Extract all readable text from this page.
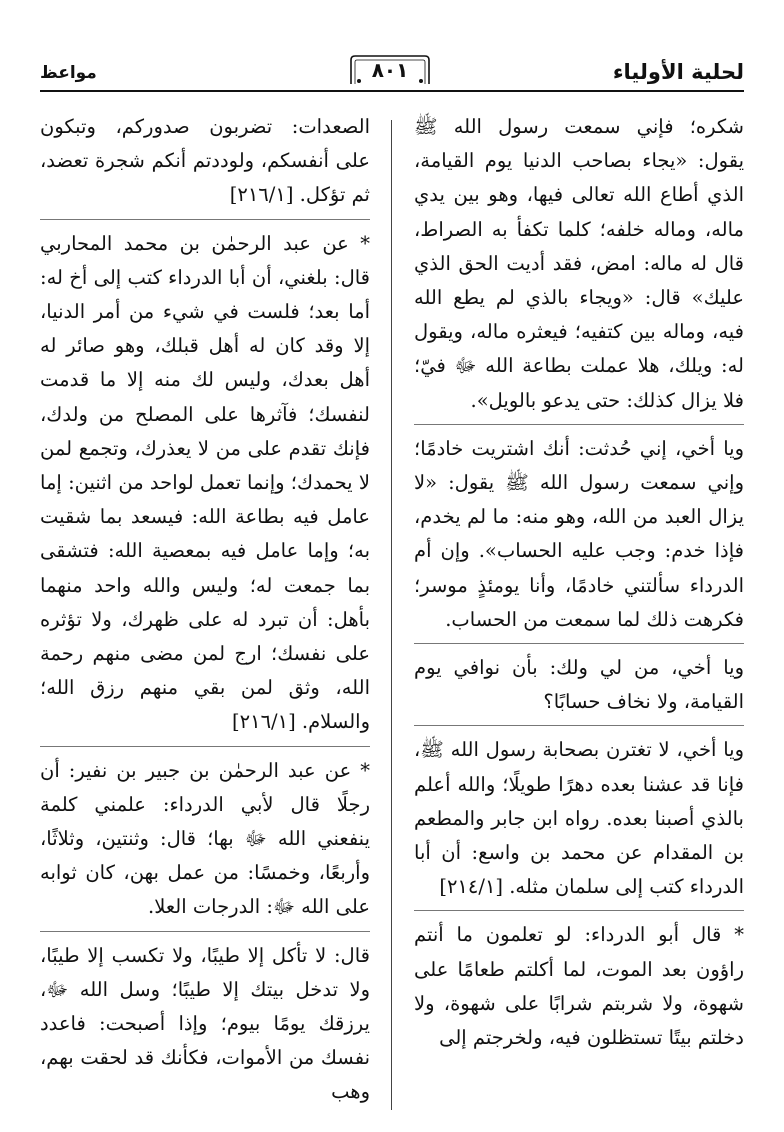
لحلية الأولياء
٨٠١
مواعظ

شكره؛ فإني سمعت رسول الله ﷺ يقول: «يجاء بصاحب الدنيا يوم القيامة، الذي أطاع الله تعالى فيها، وهو بين يدي ماله، وماله خلفه؛ كلما تكفأ به الصراط، قال له ماله: امض، فقد أديت الحق الذي عليك» قال: «ويجاء بالذي لم يطع الله فيه، وماله بين كتفيه؛ فيعثره ماله، ويقول له: ويلك، هلا عملت بطاعة الله ﷻ فيّ؛ فلا يزال كذلك: حتى يدعو بالويل».

ويا أخي، إني حُدثت: أنك اشتريت خادمًا؛ وإني سمعت رسول الله ﷺ يقول: «لا يزال العبد من الله، وهو منه: ما لم يخدم، فإذا خدم: وجب عليه الحساب». وإن أم الدرداء سألتني خادمًا، وأنا يومئذٍ موسر؛ فكرهت ذلك لما سمعت من الحساب.

ويا أخي، من لي ولك: بأن نوافي يوم القيامة، ولا نخاف حسابًا؟

ويا أخي، لا تغترن بصحابة رسول الله ﷺ، فإنا قد عشنا بعده دهرًا طويلًا؛ والله أعلم بالذي أصبنا بعده. رواه ابن جابر والمطعم بن المقدام عن محمد بن واسع: أن أبا الدرداء كتب إلى سلمان مثله. [٢١٤/١]

* قال أبو الدرداء: لو تعلمون ما أنتم راؤون بعد الموت، لما أكلتم طعامًا على شهوة، ولا شربتم شرابًا على شهوة، ولا دخلتم بيتًا تستظلون فيه، ولخرجتم إلى

الصعدات: تضربون صدوركم، وتبكون على أنفسكم، ولوددتم أنكم شجرة تعضد، ثم تؤكل. [٢١٦/١]

* عن عبد الرحمٰن بن محمد المحاربي قال: بلغني، أن أبا الدرداء كتب إلى أخ له: أما بعد؛ فلست في شيء من أمر الدنيا، إلا وقد كان له أهل قبلك، وهو صائر له أهل بعدك، وليس لك منه إلا ما قدمت لنفسك؛ فآثرها على المصلح من ولدك، فإنك تقدم على من لا يعذرك، وتجمع لمن لا يحمدك؛ وإنما تعمل لواحد من اثنين: إما عامل فيه بطاعة الله: فيسعد بما شقيت به؛ وإما عامل فيه بمعصية الله: فتشقى بما جمعت له؛ وليس والله واحد منهما بأهل: أن تبرد له على ظهرك، ولا تؤثره على نفسك؛ ارج لمن مضى منهم رحمة الله، وثق لمن بقي منهم رزق الله؛ والسلام. [٢١٦/١]

* عن عبد الرحمٰن بن جبير بن نفير: أن رجلًا قال لأبي الدرداء: علمني كلمة ينفعني الله ﷻ بها؛ قال: وثنتين، وثلاثًا، وأربعًا، وخمسًا: من عمل بهن، كان ثوابه على الله ﷻ: الدرجات العلا.

قال: لا تأكل إلا طيبًا، ولا تكسب إلا طيبًا، ولا تدخل بيتك إلا طيبًا؛ وسل الله ﷻ، يرزقك يومًا بيوم؛ وإذا أصبحت: فاعدد نفسك من الأموات، فكأنك قد لحقت بهم، وهب
